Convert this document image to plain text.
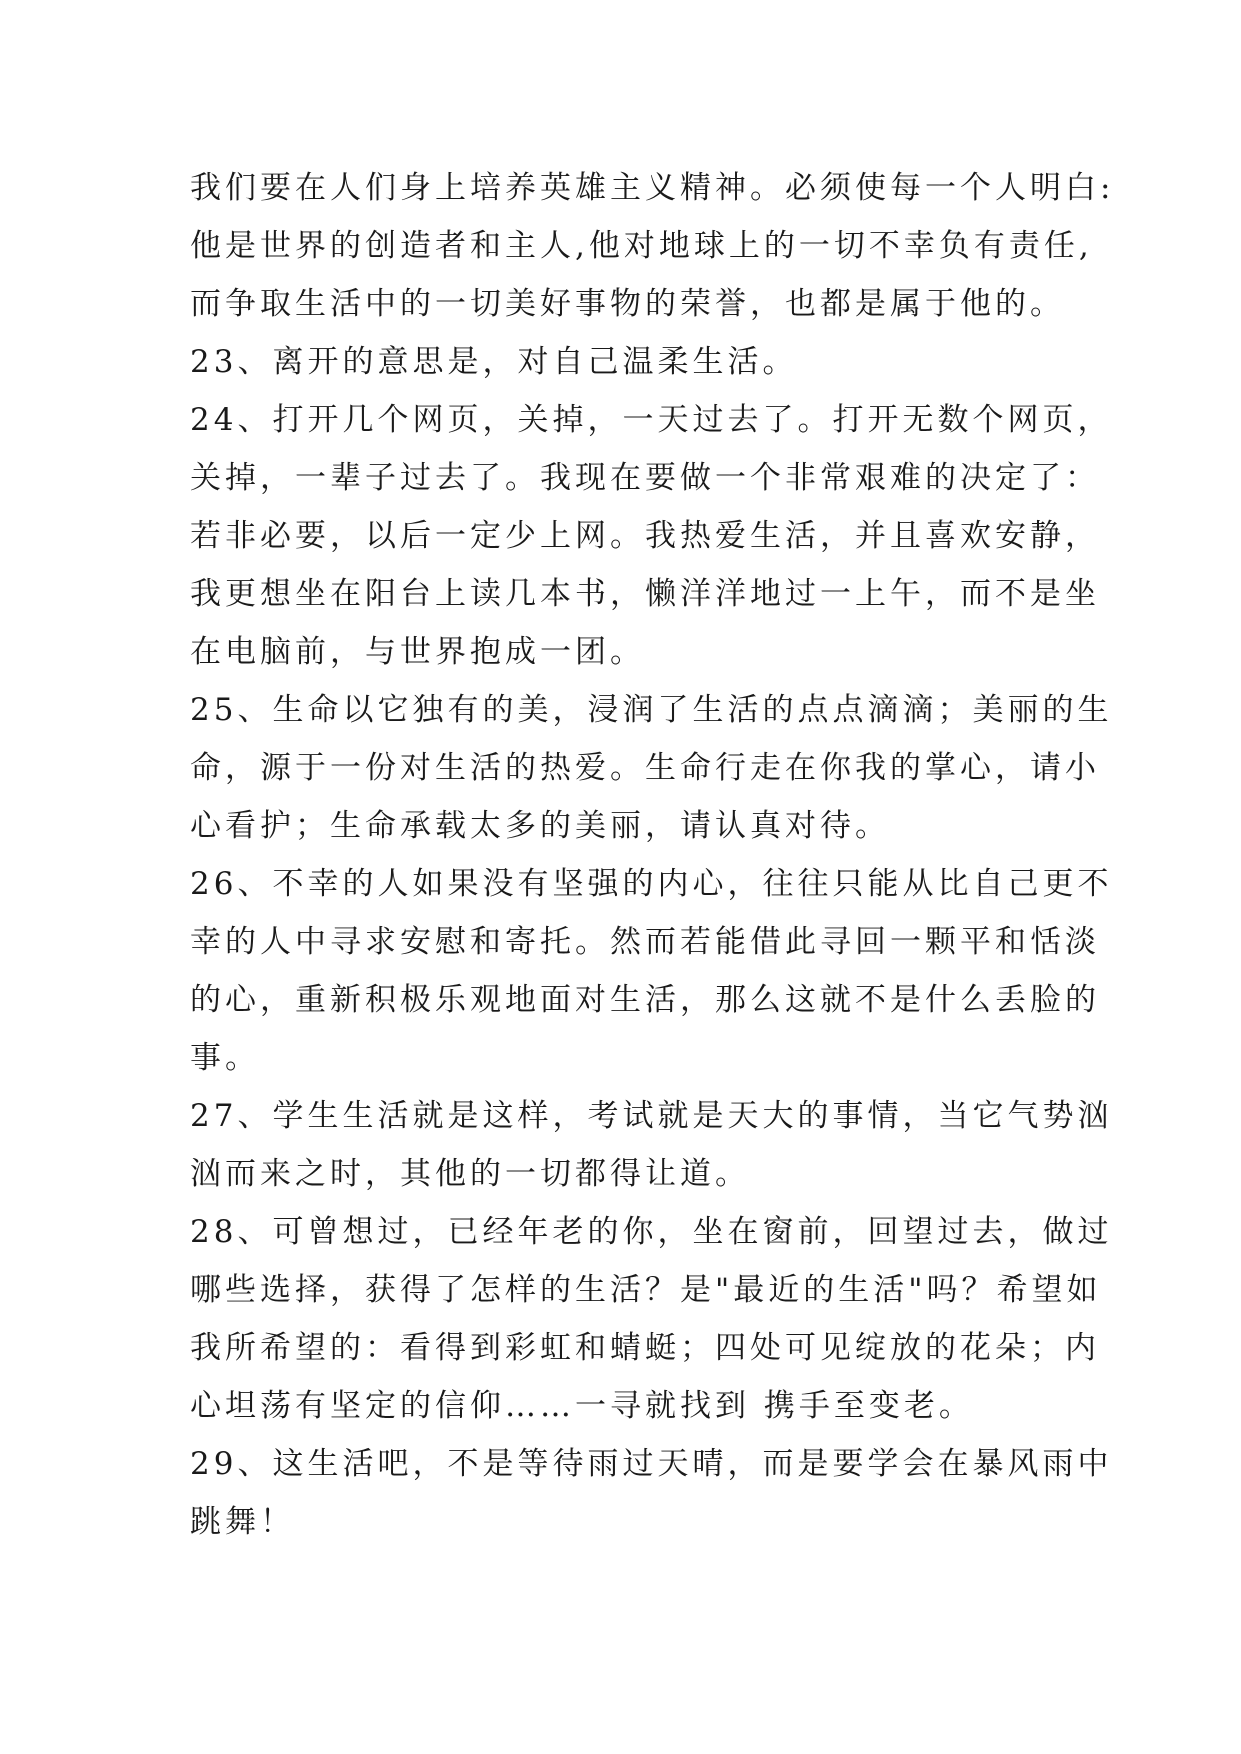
我们要在人们身上培养英雄主义精神。必须使每一个人明白:

他是世界的创造者和主人,他对地球上的一切不幸负有责任,

而争取生活中的一切美好事物的荣誉，也都是属于他的。

23、离开的意思是，对自己温柔生活。

24、打开几个网页，关掉，一天过去了。打开无数个网页，

关掉，一辈子过去了。我现在要做一个非常艰难的决定了：

若非必要，以后一定少上网。我热爱生活，并且喜欢安静，

我更想坐在阳台上读几本书，懒洋洋地过一上午，而不是坐

在电脑前，与世界抱成一团。

25、生命以它独有的美，浸润了生活的点点滴滴；美丽的生

命，源于一份对生活的热爱。生命行走在你我的掌心，请小

心看护；生命承载太多的美丽，请认真对待。

26、不幸的人如果没有坚强的内心，往往只能从比自己更不

幸的人中寻求安慰和寄托。然而若能借此寻回一颗平和恬淡

的心，重新积极乐观地面对生活，那么这就不是什么丢脸的

事。

27、学生生活就是这样，考试就是天大的事情，当它气势汹

汹而来之时，其他的一切都得让道。

28、可曾想过，已经年老的你，坐在窗前，回望过去，做过

哪些选择，获得了怎样的生活？是"最近的生活"吗？希望如

我所希望的：看得到彩虹和蜻蜓；四处可见绽放的花朵；内

心坦荡有坚定的信仰……一寻就找到 携手至变老。

29、这生活吧，不是等待雨过天晴，而是要学会在暴风雨中

跳舞！
